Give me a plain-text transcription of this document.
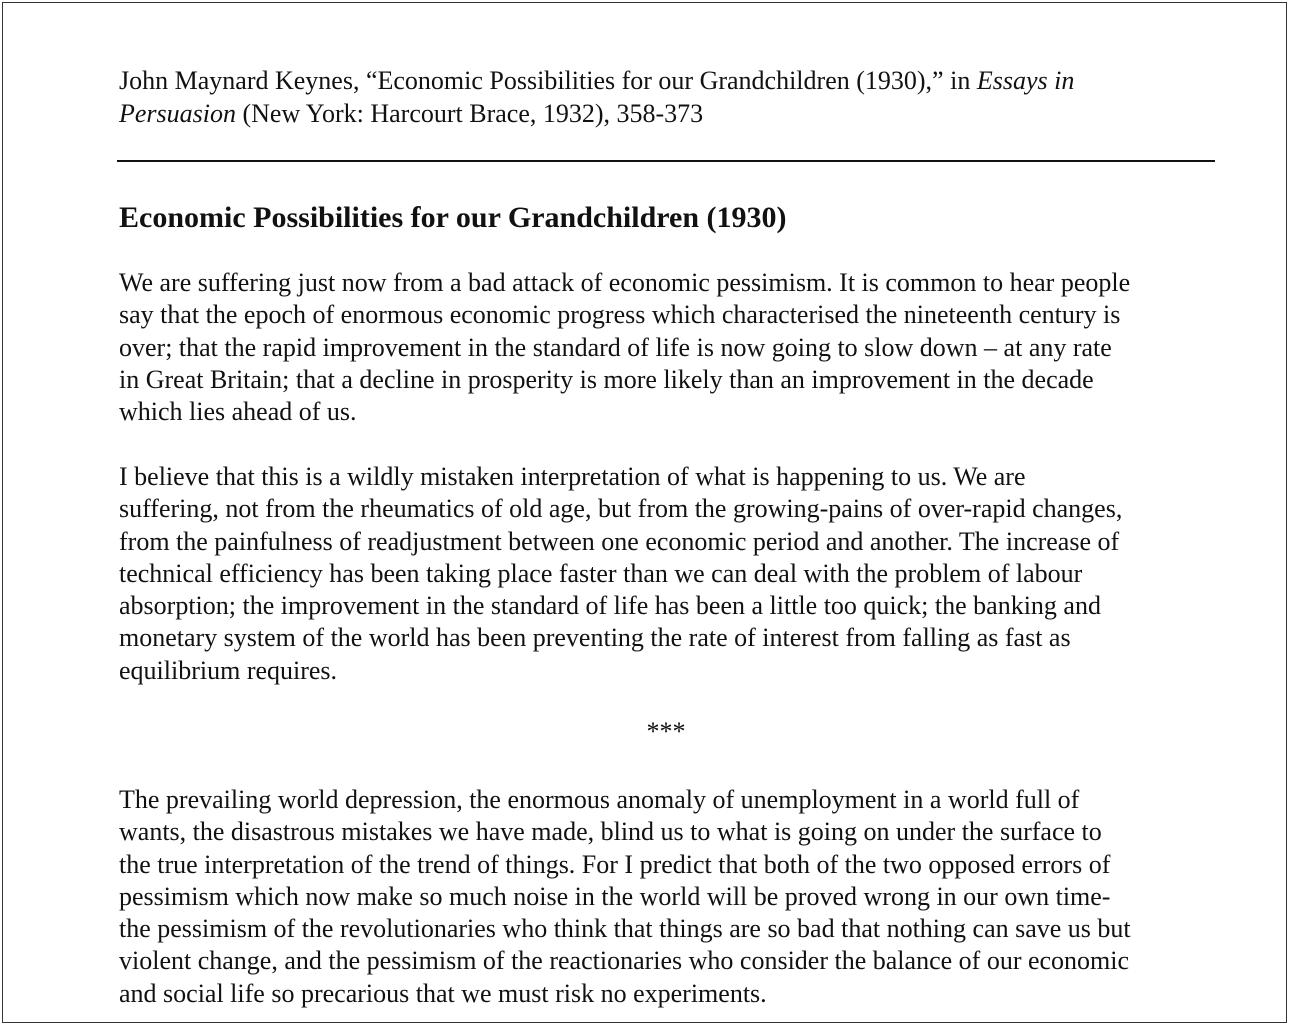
John Maynard Keynes, “Economic Possibilities for our Grandchildren (1930),” in Essays in
Persuasion (New York: Harcourt Brace, 1932), 358-373

Economic Possibilities for our Grandchildren (1930)

We are suffering just now from a bad attack of economic pessimism. It is common to hear people
say that the epoch of enormous economic progress which characterised the nineteenth century is
over; that the rapid improvement in the standard of life is now going to slow down – at any rate
in Great Britain; that a decline in prosperity is more likely than an improvement in the decade
which lies ahead of us.

I believe that this is a wildly mistaken interpretation of what is happening to us. We are
suffering, not from the rheumatics of old age, but from the growing-pains of over-rapid changes,
from the painfulness of readjustment between one economic period and another. The increase of
technical efficiency has been taking place faster than we can deal with the problem of labour
absorption; the improvement in the standard of life has been a little too quick; the banking and
monetary system of the world has been preventing the rate of interest from falling as fast as
equilibrium requires.

***

The prevailing world depression, the enormous anomaly of unemployment in a world full of
wants, the disastrous mistakes we have made, blind us to what is going on under the surface to
the true interpretation of the trend of things. For I predict that both of the two opposed errors of
pessimism which now make so much noise in the world will be proved wrong in our own time-
the pessimism of the revolutionaries who think that things are so bad that nothing can save us but
violent change, and the pessimism of the reactionaries who consider the balance of our economic
and social life so precarious that we must risk no experiments.
